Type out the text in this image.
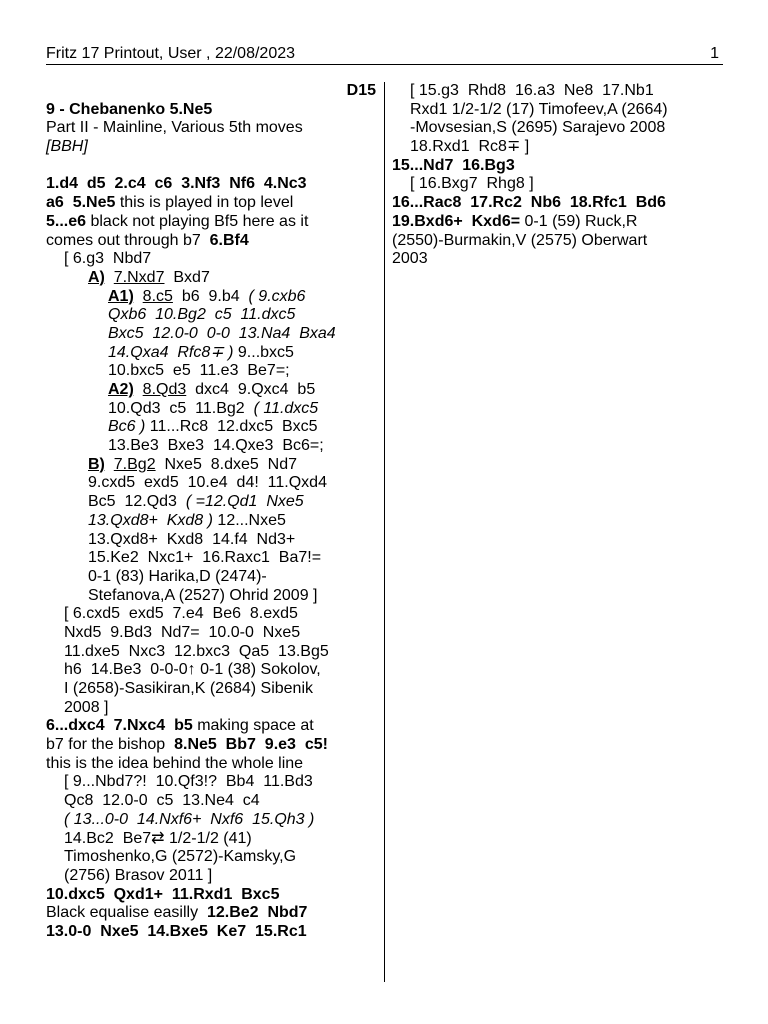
Fritz 17 Printout, User , 22/08/2023	1
D15
9 - Chebanenko 5.Ne5
Part II - Mainline, Various 5th moves
[BBH]
1.d4  d5  2.c4  c6  3.Nf3  Nf6  4.Nc3
a6  5.Ne5 this is played in top level
5...e6 black not playing Bf5 here as it
comes out through b7  6.Bf4
[ 6.g3  Nbd7
A) 7.Nxd7  Bxd7
A1) 8.c5  b6  9.b4  ( 9.cxb6
Qxb6  10.Bg2  c5  11.dxc5
Bxc5  12.0-0  0-0  13.Na4  Bxa4
14.Qxa4  Rfc8∓ ) 9...bxc5
10.bxc5  e5  11.e3  Be7=;
A2) 8.Qd3  dxc4  9.Qxc4  b5
10.Qd3  c5  11.Bg2  ( 11.dxc5
Bc6 ) 11...Rc8  12.dxc5  Bxc5
13.Be3  Bxe3  14.Qxe3  Bc6=;
B) 7.Bg2  Nxe5  8.dxe5  Nd7
9.cxd5  exd5  10.e4  d4!  11.Qxd4
Bc5  12.Qd3  ( =12.Qd1  Nxe5
13.Qxd8+  Kxd8 ) 12...Nxe5
13.Qxd8+  Kxd8  14.f4  Nd3+
15.Ke2  Nxc1+  16.Raxc1  Ba7!=
0-1 (83) Harika,D (2474)-
Stefanova,A (2527) Ohrid 2009 ]
[ 6.cxd5  exd5  7.e4  Be6  8.exd5
Nxd5  9.Bd3  Nd7=  10.0-0  Nxe5
11.dxe5  Nxc3  12.bxc3  Qa5  13.Bg5
h6  14.Be3  0-0-0↑ 0-1 (38) Sokolov,
I (2658)-Sasikiran,K (2684) Sibenik
2008 ]
6...dxc4  7.Nxc4  b5 making space at
b7 for the bishop  8.Ne5  Bb7  9.e3  c5!
this is the idea behind the whole line
[ 9...Nbd7?!  10.Qf3!?  Bb4  11.Bd3
Qc8  12.0-0  c5  13.Ne4  c4
( 13...0-0  14.Nxf6+  Nxf6  15.Qh3 )
14.Bc2  Be7⇄ 1/2-1/2 (41)
Timoshenko,G (2572)-Kamsky,G
(2756) Brasov 2011 ]
10.dxc5  Qxd1+  11.Rxd1  Bxc5
Black equalise easilly  12.Be2  Nbd7
13.0-0  Nxe5  14.Bxe5  Ke7  15.Rc1
[ 15.g3  Rhd8  16.a3  Ne8  17.Nb1
Rxd1 1/2-1/2 (17) Timofeev,A (2664)
-Movsesian,S (2695) Sarajevo 2008
18.Rxd1  Rc8∓ ]
15...Nd7  16.Bg3
[ 16.Bxg7  Rhg8 ]
16...Rac8  17.Rc2  Nb6  18.Rfc1  Bd6
19.Bxd6+  Kxd6= 0-1 (59) Ruck,R
(2550)-Burmakin,V (2575) Oberwart
2003
